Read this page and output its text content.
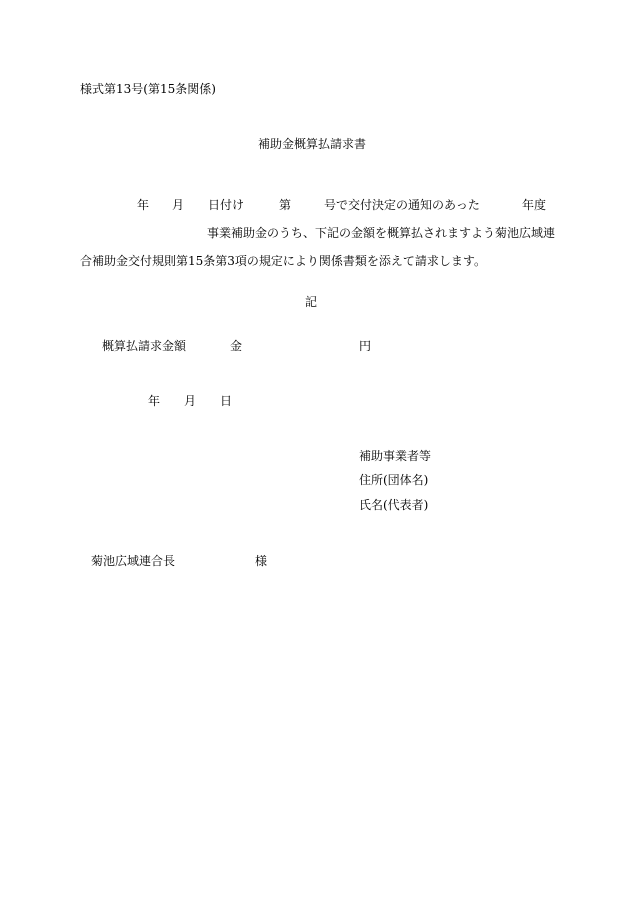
様式第13号(第15条関係)
補助金概算払請求書
年 月 日付け	第	号で交付決定の通知のあった	年度
事業補助金のうち、下記の金額を概算払されますよう菊池広域連
合補助金交付規則第15条第3項の規定により関係書類を添えて請求します。
記
概算払請求金額	金	円
年 月 日
補助事業者等
住所(団体名)
氏名(代表者)
菊池広域連合長	様
